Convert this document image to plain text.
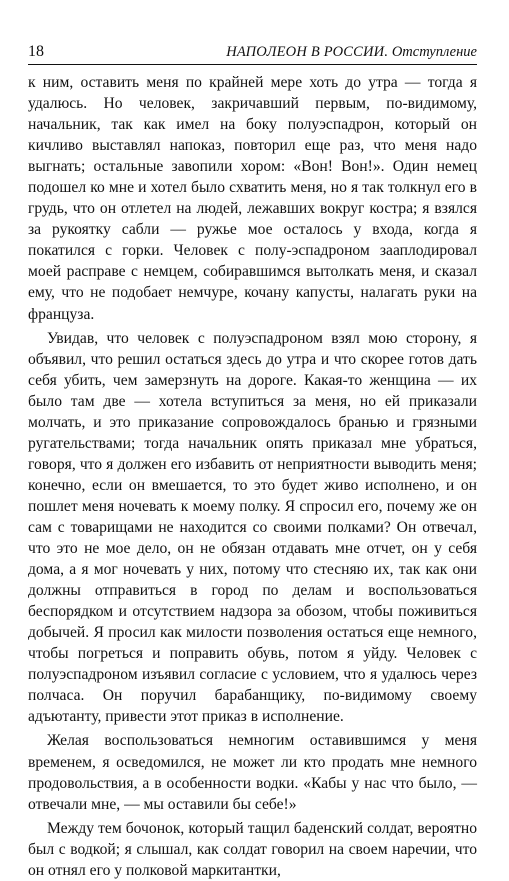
18	НАПОЛЕОН В РОССИИ. Отступление

к ним, оставить меня по крайней мере хоть до утра — тогда я удалюсь. Но человек, закричавший первым, по-видимому, начальник, так как имел на боку полуэспадрон, который он кичливо выставлял напоказ, повторил еще раз, что меня надо выгнать; остальные завопили хором: «Вон! Вон!». Один немец подошел ко мне и хотел было схватить меня, но я так толкнул его в грудь, что он отлетел на людей, лежавших вокруг костра; я взялся за рукоятку сабли — ружье мое осталось у входа, когда я покатился с горки. Человек с полу-эспадроном зааплодировал моей расправе с немцем, собиравшимся вытолкать меня, и сказал ему, что не подобает немчуре, кочану капусты, налагать руки на француза.

Увидав, что человек с полуэспадроном взял мою сторону, я объявил, что решил остаться здесь до утра и что скорее готов дать себя убить, чем замерзнуть на дороге. Какая-то женщина — их было там две — хотела вступиться за меня, но ей приказали молчать, и это приказание сопровождалось бранью и грязными ругательствами; тогда начальник опять приказал мне убраться, говоря, что я должен его избавить от неприятности выводить меня; конечно, если он вмешается, то это будет живо исполнено, и он пошлет меня ночевать к моему полку. Я спросил его, почему же он сам с товарищами не находится со своими полками? Он отвечал, что это не мое дело, он не обязан отдавать мне отчет, он у себя дома, а я мог ночевать у них, потому что стесняю их, так как они должны отправиться в город по делам и воспользоваться беспорядком и отсутствием надзора за обозом, чтобы поживиться добычей. Я просил как милости позволения остаться еще немного, чтобы погреться и поправить обувь, потом я уйду. Человек с полуэспадроном изъявил согласие с условием, что я удалюсь через полчаса. Он поручил барабанщику, по-видимому своему адъютанту, привести этот приказ в исполнение.

Желая воспользоваться немногим оставившимся у меня временем, я осведомился, не может ли кто продать мне немного продовольствия, а в особенности водки. «Кабы у нас что было, — отвечали мне, — мы оставили бы себе!»

Между тем бочонок, который тащил баденский солдат, вероятно был с водкой; я слышал, как солдат говорил на своем наречии, что он отнял его у полковой маркитантки,
